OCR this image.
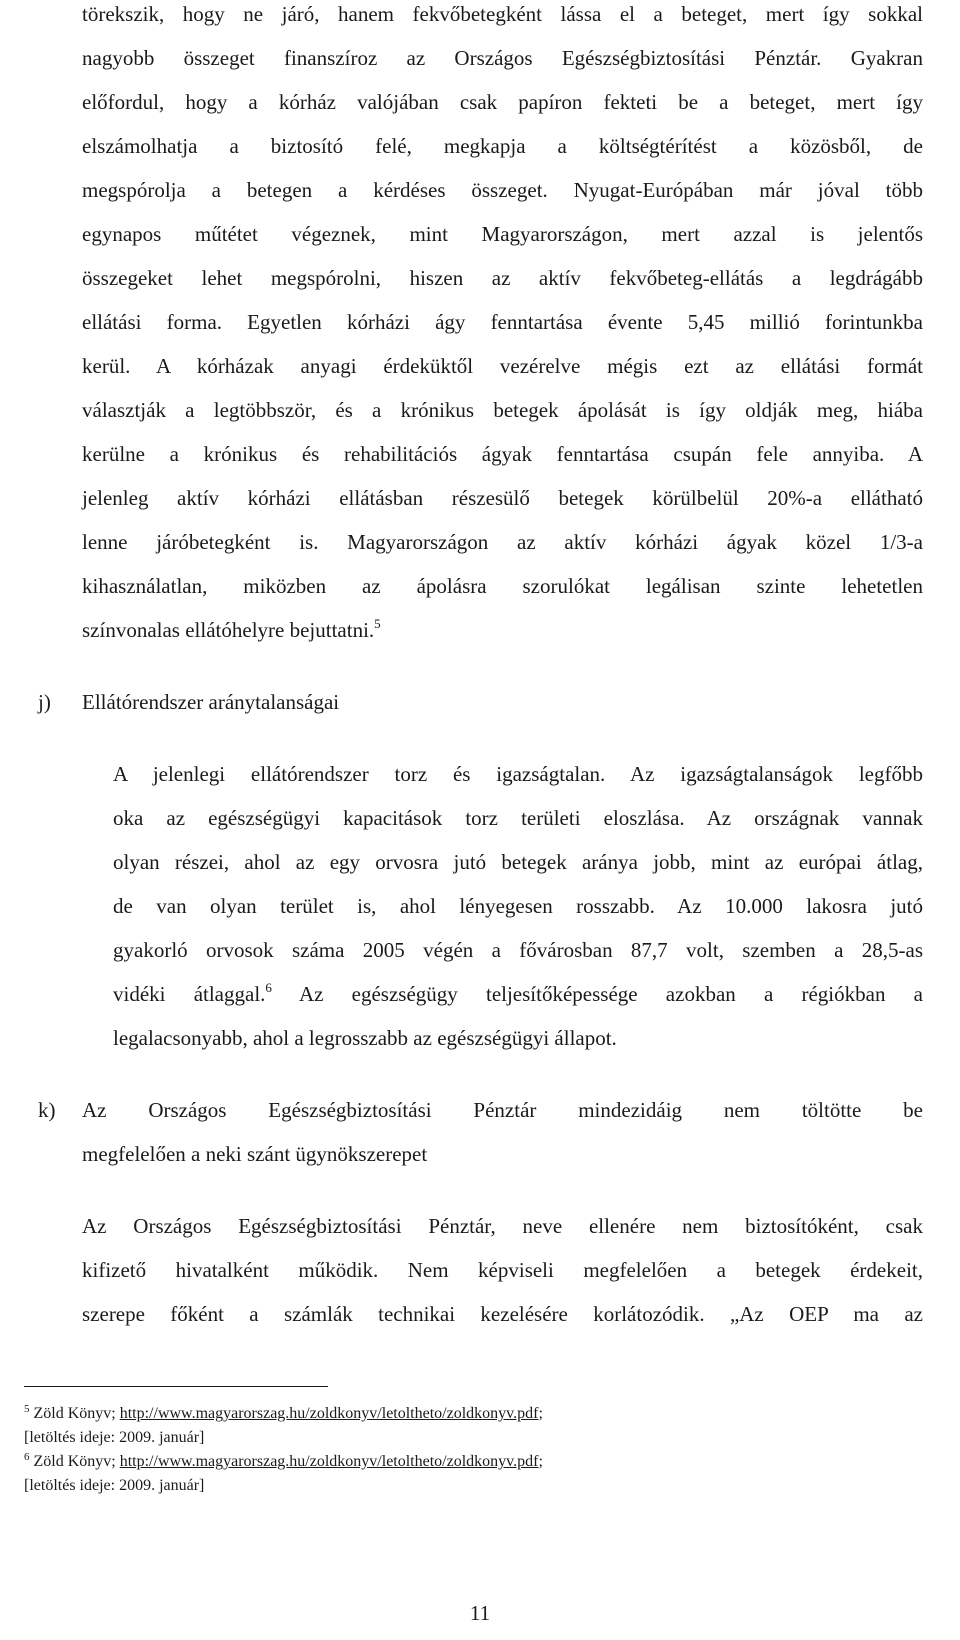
törekszik, hogy ne járó, hanem fekvőbetegként lássa el a beteget, mert így sokkal
nagyobb összeget finanszíroz az Országos Egészségbiztosítási Pénztár. Gyakran
előfordul, hogy a kórház valójában csak papíron fekteti be a beteget, mert így
elszámolhatja a biztosító felé, megkapja a költségtérítést a közösből, de
megspórolja a betegen a kérdéses összeget. Nyugat-Európában már jóval több
egynapos műtétet végeznek, mint Magyarországon, mert azzal is jelentős
összegeket lehet megspórolni, hiszen az aktív fekvőbeteg-ellátás a legdrágább
ellátási forma. Egyetlen kórházi ágy fenntartása évente 5,45 millió forintunkba
kerül. A kórházak anyagi érdeküktől vezérelve mégis ezt az ellátási formát
választják a legtöbbször, és a krónikus betegek ápolását is így oldják meg, hiába
kerülne a krónikus és rehabilitációs ágyak fenntartása csupán fele annyiba. A
jelenleg aktív kórházi ellátásban részesülő betegek körülbelül 20%-a ellátható
lenne járóbetegként is. Magyarországon az aktív kórházi ágyak közel 1/3-a
kihasználatlan, miközben az ápolásra szorulókat legálisan szinte lehetetlen
színvonalas ellátóhelyre bejuttatni.$^5$
j) Ellátórendszer aránytalanságai
A jelenlegi ellátórendszer torz és igazságtalan. Az igazságtalanságok legfőbb
oka az egészségügyi kapacitások torz területi eloszlása. Az országnak vannak
olyan részei, ahol az egy orvosra jutó betegek aránya jobb, mint az európai átlag,
de van olyan terület is, ahol lényegesen rosszabb. Az 10.000 lakosra jutó
gyakorló orvosok száma 2005 végén a fővárosban 87,7 volt, szemben a 28,5-as
vidéki átlaggal.$^6$ Az egészségügy teljesítőképessége azokban a régiókban a
legalacsonyabb, ahol a legrosszabb az egészségügyi állapot.
k) Az Országos Egészségbiztosítási Pénztár mindezidáig nem töltötte be
megfelelően a neki szánt ügynökszerepet
Az Országos Egészségbiztosítási Pénztár, neve ellenére nem biztosítóként, csak
kifizető hivatalként működik. Nem képviseli megfelelően a betegek érdekeit,
szerepe főként a számlák technikai kezelésére korlátozódik. „Az OEP ma az
$^5$ Zöld Könyv; http://www.magyarorszag.hu/zoldkonyv/letoltheto/zoldkonyv.pdf;
[letöltés ideje: 2009. január]
$^6$ Zöld Könyv; http://www.magyarorszag.hu/zoldkonyv/letoltheto/zoldkonyv.pdf;
[letöltés ideje: 2009. január]
11
